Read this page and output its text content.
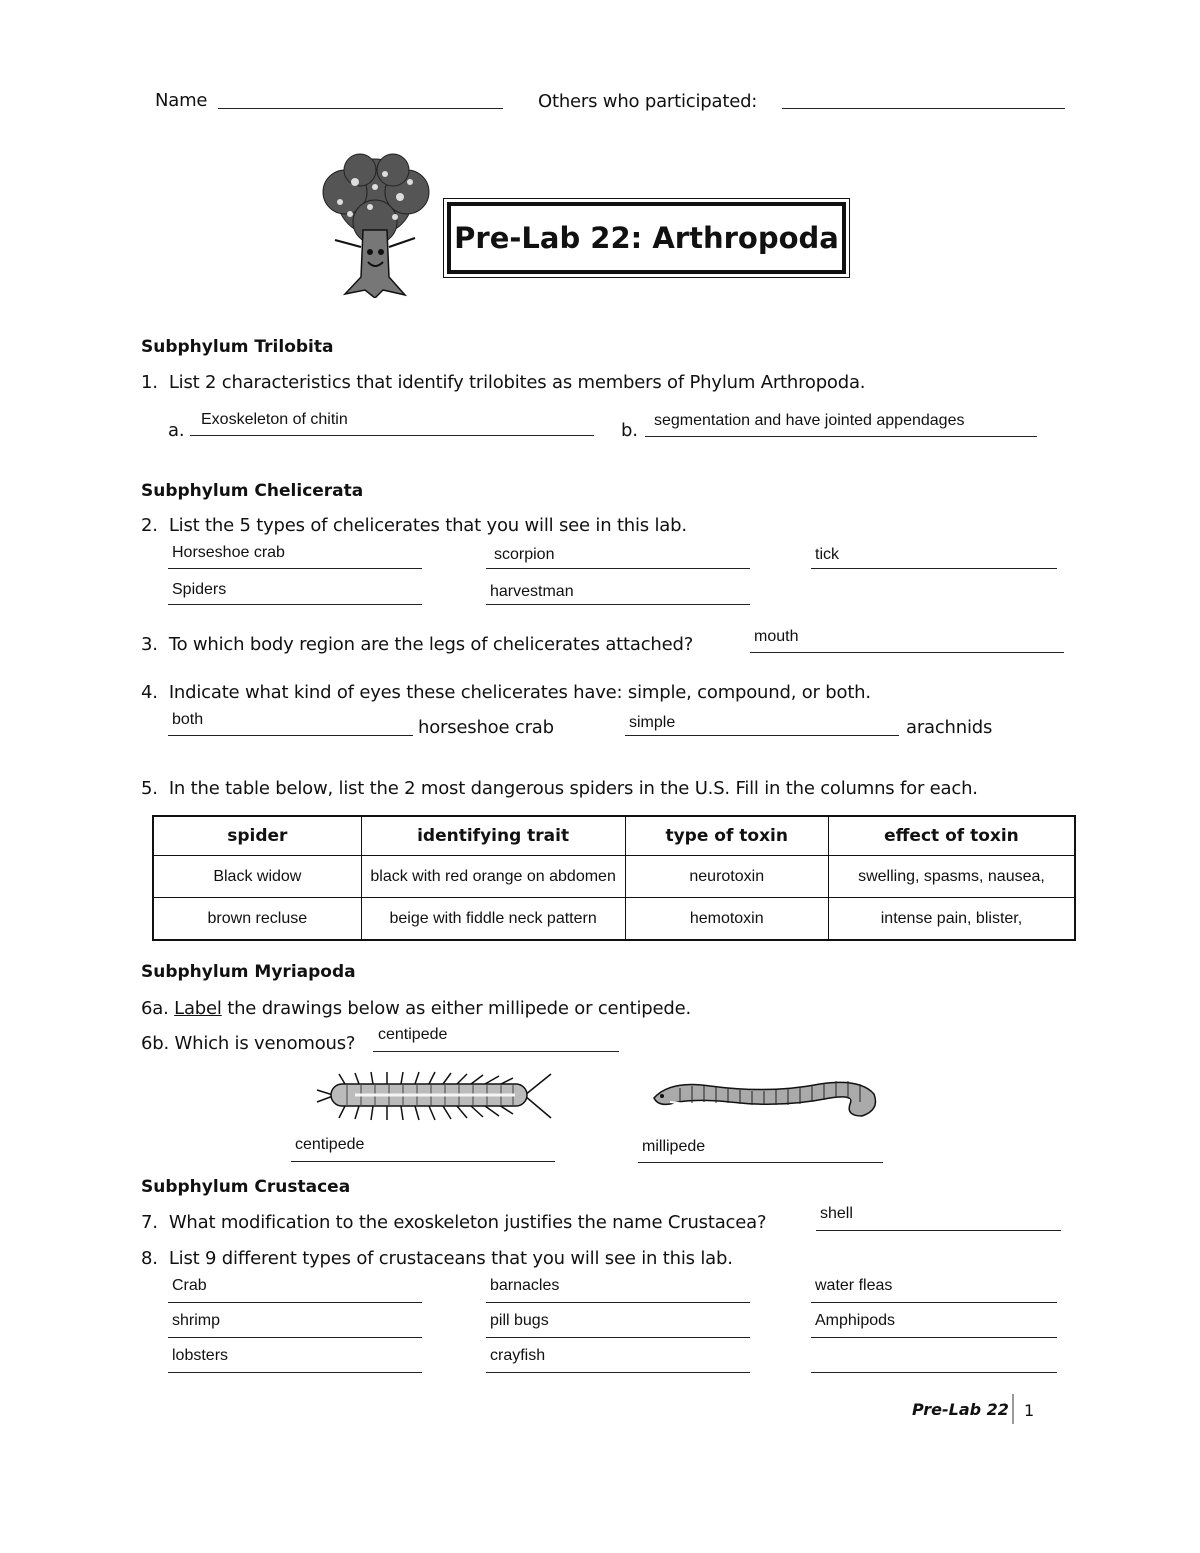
Name	Others who participated:
Pre-Lab 22: Arthropoda
Subphylum Trilobita
1.  List 2 characteristics that identify trilobites as members of Phylum Arthropoda.
a.
Exoskeleton of chitin
b. segmentation and have jointed appendages
Subphylum Chelicerata
2.  List the 5 types of chelicerates that you will see in this lab.
Horseshoe crab	scorpion	tick
Spiders	harvestman
3.  To which body region are the legs of chelicerates attached?	mouth
4.  Indicate what kind of eyes these chelicerates have: simple, compound, or both.
both	horseshoe crab	simple	arachnids
5.  In the table below, list the 2 most dangerous spiders in the U.S. Fill in the columns for each.
spider	identifying trait	type of toxin	effect of toxin
Black widow	black with red orange on abdomen	neurotoxin	swelling, spasms, nausea,
brown recluse	beige with fiddle neck pattern	hemotoxin	intense pain, blister,
Subphylum Myriapoda
6a. Label the drawings below as either millipede or centipede.
6b. Which is venomous? centipede
centipede	millipede
Subphylum Crustacea
7.  What modification to the exoskeleton justifies the name Crustacea?	shell
8.  List 9 different types of crustaceans that you will see in this lab.
Crab	barnacles	water fleas
shrimp	pill bugs	Amphipods
lobsters	crayfish
Pre-Lab 22 1
